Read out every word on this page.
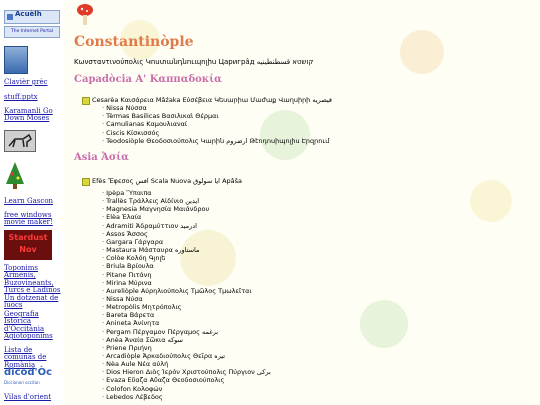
Acuèlh
The Internet Portal
Clavièr grèc
stuff.pptx
Karamanli Go Down Moses
Learn Gascon
free windows movie maker!
Stardust Nov
Toponims Armènis, Buzovineants, Turcs e Ladinos
Un dotzenat de luòcs
Geografia Istorica d'Occitània
Agiotoponims
Lista de comunas de Romània
dicod'Òc
Diccionari occitan
Vilas d'orient
Constantinòple
Κωνσταντινούπολις Կոստանդնուպոլիս Царигра̂д קושטא قسطنطينيه
Capadòcia Α' Καππαδοκία
Cesarèa Καισάρεια Mâźaka Εὐσέβεια Կեսարիա Մաժաք Վաղսիրի قيصريه
· Nissa Νύσσα
· Tèrmas Basilicas Βασιλικαὶ Θέρμαι
· Camulianas Καμουλιαναί
· Ciscis Κίσκισσός
· Teodosiòple Θεοδοσιούπολις Կարին ارضروم Թէոդոսիպոլիս Էրզրում
Asia Ἀσία
Efès Ἔφεσος افس Scala Nuova ايا سولوق Apâša
· Ipèpa Ὕπαιπα
· Trallès Τράλλεις Αἰδίνιο ايدين
· Magnesia Μαγνησία Μαιάνδρου
· Elèa Ἐλαία
· Adramiti Ἀδραμύττιον ادرميد
· Assos Ἄσσος
· Gargara Γάργαρα
· Mastaura Μάσταυρα ماستاوره
· Colòe Κολόη Գյոլե
· Briula Βρίουλα
· Pitane Πιτάνη
· Mirina Μύρινα
· Aureliòple Αὐρηλιούπολις Τμῶλος Τμωλεῖται
· Nissa Νύσα
· Metropòlis Μητρόπολις
· Bareta Βάρετα
· Anineta Ἀνίνητα
· Pergam Πέργαμον Πέργαμος برغمه
· Anèa Ἀναία Σῶκια سوكه
· Priene Πριήνη
· Arcadiòple Ἀρκαδιούπολις Θεῖρα تيره
· Nèa Aule Νέα αὐλή
· Dios Hieron Διὸς Ἱερόν Χριστούπολις Πύργιον بركى
· Evaza Εὔαζα Αὔαζα Θεοδοσιούπολις
· Colofon Κολοφών
· Lebedos Λέβεδος
